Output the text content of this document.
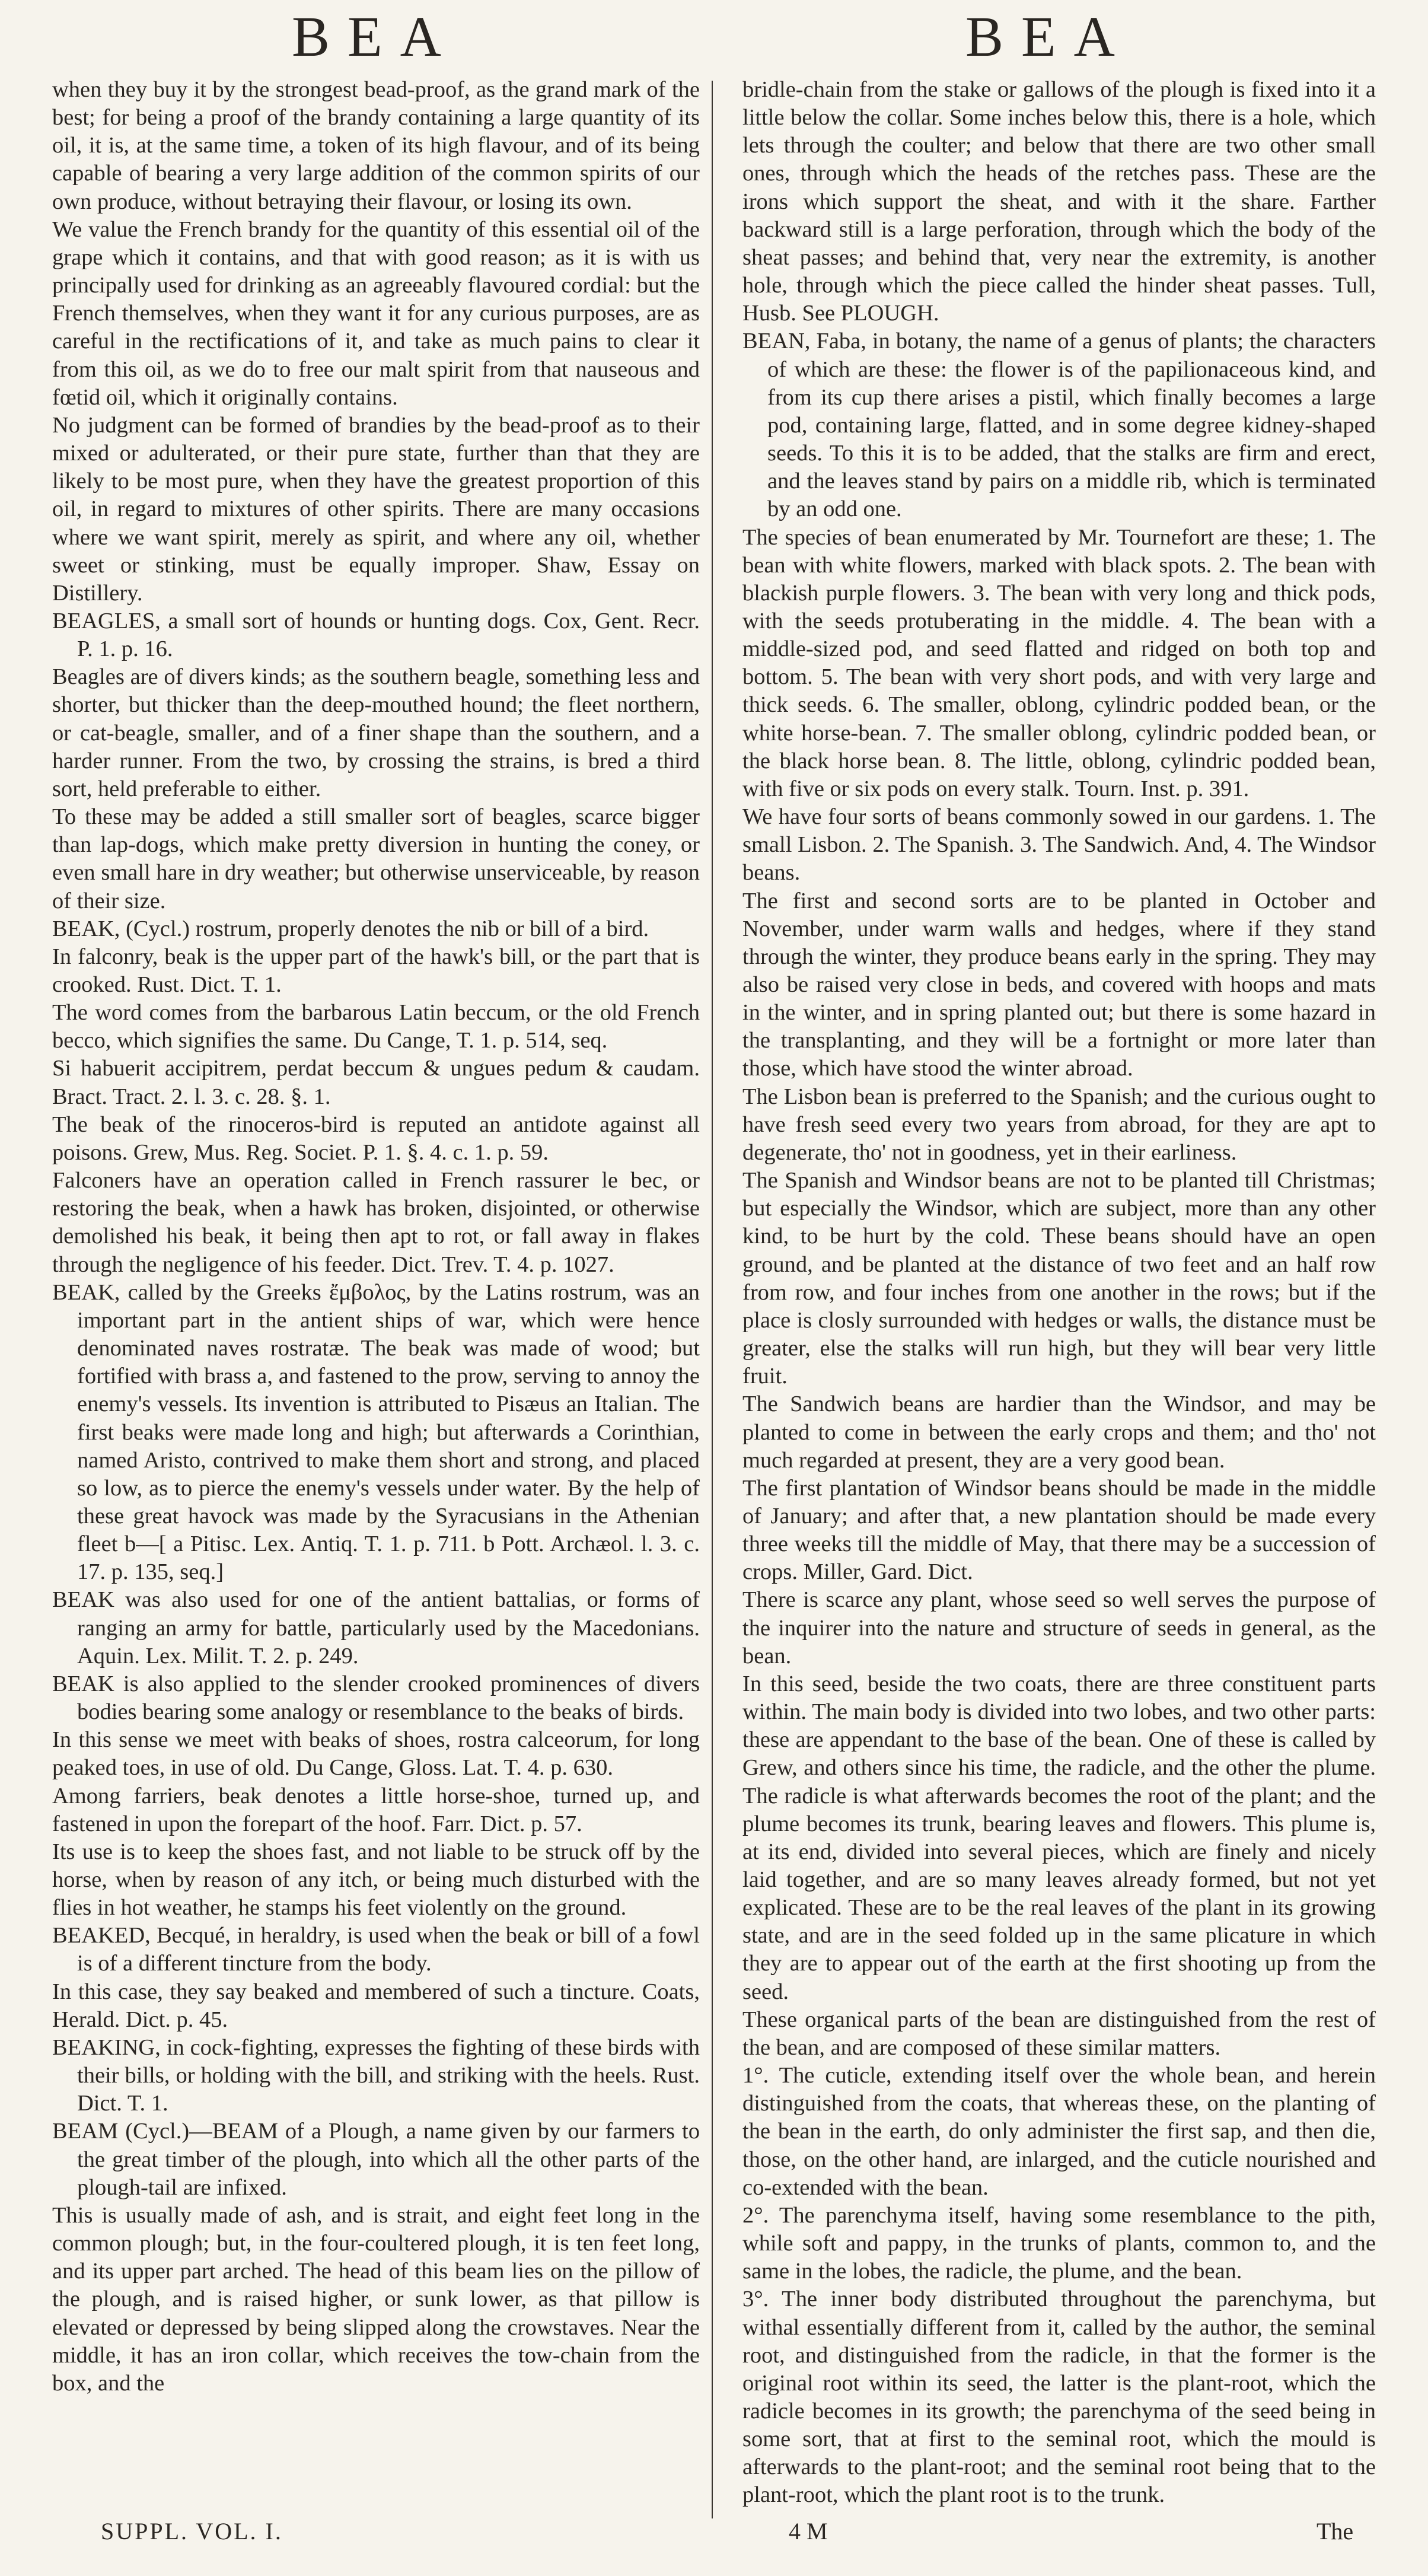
BEA	BEA

when they buy it by the strongest bead-proof, as the grand mark of the best; for being a proof of the brandy containing a large quantity of its oil, it is, at the same time, a token of its high flavour, and of its being capable of bearing a very large addition of the common spirits of our own produce, without betraying their flavour, or losing its own.

We value the French brandy for the quantity of this essential oil of the grape which it contains, and that with good reason; as it is with us principally used for drinking as an agreeably flavoured cordial: but the French themselves, when they want it for any curious purposes, are as careful in the rectifications of it, and take as much pains to clear it from this oil, as we do to free our malt spirit from that nauseous and fœtid oil, which it originally contains.

No judgment can be formed of brandies by the bead-proof as to their mixed or adulterated, or their pure state, further than that they are likely to be most pure, when they have the greatest proportion of this oil, in regard to mixtures of other spirits. There are many occasions where we want spirit, merely as spirit, and where any oil, whether sweet or stinking, must be equally improper. Shaw, Essay on Distillery.

BEAGLES, a small sort of hounds or hunting dogs. Cox, Gent. Recr. P. 1. p. 16.

Beagles are of divers kinds; as the southern beagle, something less and shorter, but thicker than the deep-mouthed hound; the fleet northern, or cat-beagle, smaller, and of a finer shape than the southern, and a harder runner. From the two, by crossing the strains, is bred a third sort, held preferable to either.

To these may be added a still smaller sort of beagles, scarce bigger than lap-dogs, which make pretty diversion in hunting the coney, or even small hare in dry weather; but otherwise unserviceable, by reason of their size.

BEAK, (Cycl.) rostrum, properly denotes the nib or bill of a bird.

In falconry, beak is the upper part of the hawk's bill, or the part that is crooked. Rust. Dict. T. 1.

The word comes from the barbarous Latin beccum, or the old French becco, which signifies the same. Du Cange, T. 1. p. 514, seq.

Si habuerit accipitrem, perdat beccum & ungues pedum & caudam. Bract. Tract. 2. l. 3. c. 28. §. 1.

The beak of the rinoceros-bird is reputed an antidote against all poisons. Grew, Mus. Reg. Societ. P. 1. §. 4. c. 1. p. 59.

Falconers have an operation called in French rassurer le bec, or restoring the beak, when a hawk has broken, disjointed, or otherwise demolished his beak, it being then apt to rot, or fall away in flakes through the negligence of his feeder. Dict. Trev. T. 4. p. 1027.

BEAK, called by the Greeks ἔμβολος, by the Latins rostrum, was an important part in the antient ships of war, which were hence denominated naves rostratæ. The beak was made of wood; but fortified with brass a, and fastened to the prow, serving to annoy the enemy's vessels. Its invention is attributed to Pisæus an Italian. The first beaks were made long and high; but afterwards a Corinthian, named Aristo, contrived to make them short and strong, and placed so low, as to pierce the enemy's vessels under water. By the help of these great havock was made by the Syracusians in the Athenian fleet b—[ a Pitisc. Lex. Antiq. T. 1. p. 711. b Pott. Archæol. l. 3. c. 17. p. 135, seq.]

BEAK was also used for one of the antient battalias, or forms of ranging an army for battle, particularly used by the Macedonians. Aquin. Lex. Milit. T. 2. p. 249.

BEAK is also applied to the slender crooked prominences of divers bodies bearing some analogy or resemblance to the beaks of birds.

In this sense we meet with beaks of shoes, rostra calceorum, for long peaked toes, in use of old. Du Cange, Gloss. Lat. T. 4. p. 630.

Among farriers, beak denotes a little horse-shoe, turned up, and fastened in upon the forepart of the hoof. Farr. Dict. p. 57.

Its use is to keep the shoes fast, and not liable to be struck off by the horse, when by reason of any itch, or being much disturbed with the flies in hot weather, he stamps his feet violently on the ground.

BEAKED, Becqué, in heraldry, is used when the beak or bill of a fowl is of a different tincture from the body.

In this case, they say beaked and membered of such a tincture. Coats, Herald. Dict. p. 45.

BEAKING, in cock-fighting, expresses the fighting of these birds with their bills, or holding with the bill, and striking with the heels. Rust. Dict. T. 1.

BEAM (Cycl.)—BEAM of a Plough, a name given by our farmers to the great timber of the plough, into which all the other parts of the plough-tail are infixed.

This is usually made of ash, and is strait, and eight feet long in the common plough; but, in the four-coultered plough, it is ten feet long, and its upper part arched. The head of this beam lies on the pillow of the plough, and is raised higher, or sunk lower, as that pillow is elevated or depressed by being slipped along the crowstaves. Near the middle, it has an iron collar, which receives the tow-chain from the box, and the

bridle-chain from the stake or gallows of the plough is fixed into it a little below the collar. Some inches below this, there is a hole, which lets through the coulter; and below that there are two other small ones, through which the heads of the retches pass. These are the irons which support the sheat, and with it the share. Farther backward still is a large perforation, through which the body of the sheat passes; and behind that, very near the extremity, is another hole, through which the piece called the hinder sheat passes. Tull, Husb. See PLOUGH.

BEAN, Faba, in botany, the name of a genus of plants; the characters of which are these: the flower is of the papilionaceous kind, and from its cup there arises a pistil, which finally becomes a large pod, containing large, flatted, and in some degree kidney-shaped seeds. To this it is to be added, that the stalks are firm and erect, and the leaves stand by pairs on a middle rib, which is terminated by an odd one.

The species of bean enumerated by Mr. Tournefort are these; 1. The bean with white flowers, marked with black spots. 2. The bean with blackish purple flowers. 3. The bean with very long and thick pods, with the seeds protuberating in the middle. 4. The bean with a middle-sized pod, and seed flatted and ridged on both top and bottom. 5. The bean with very short pods, and with very large and thick seeds. 6. The smaller, oblong, cylindric podded bean, or the white horse-bean. 7. The smaller oblong, cylindric podded bean, or the black horse bean. 8. The little, oblong, cylindric podded bean, with five or six pods on every stalk. Tourn. Inst. p. 391.

We have four sorts of beans commonly sowed in our gardens. 1. The small Lisbon. 2. The Spanish. 3. The Sandwich. And, 4. The Windsor beans.

The first and second sorts are to be planted in October and November, under warm walls and hedges, where if they stand through the winter, they produce beans early in the spring. They may also be raised very close in beds, and covered with hoops and mats in the winter, and in spring planted out; but there is some hazard in the transplanting, and they will be a fortnight or more later than those, which have stood the winter abroad.

The Lisbon bean is preferred to the Spanish; and the curious ought to have fresh seed every two years from abroad, for they are apt to degenerate, tho' not in goodness, yet in their earliness.

The Spanish and Windsor beans are not to be planted till Christmas; but especially the Windsor, which are subject, more than any other kind, to be hurt by the cold. These beans should have an open ground, and be planted at the distance of two feet and an half row from row, and four inches from one another in the rows; but if the place is closly surrounded with hedges or walls, the distance must be greater, else the stalks will run high, but they will bear very little fruit.

The Sandwich beans are hardier than the Windsor, and may be planted to come in between the early crops and them; and tho' not much regarded at present, they are a very good bean.

The first plantation of Windsor beans should be made in the middle of January; and after that, a new plantation should be made every three weeks till the middle of May, that there may be a succession of crops. Miller, Gard. Dict.

There is scarce any plant, whose seed so well serves the purpose of the inquirer into the nature and structure of seeds in general, as the bean.

In this seed, beside the two coats, there are three constituent parts within. The main body is divided into two lobes, and two other parts: these are appendant to the base of the bean. One of these is called by Grew, and others since his time, the radicle, and the other the plume. The radicle is what afterwards becomes the root of the plant; and the plume becomes its trunk, bearing leaves and flowers. This plume is, at its end, divided into several pieces, which are finely and nicely laid together, and are so many leaves already formed, but not yet explicated. These are to be the real leaves of the plant in its growing state, and are in the seed folded up in the same plicature in which they are to appear out of the earth at the first shooting up from the seed.

These organical parts of the bean are distinguished from the rest of the bean, and are composed of these similar matters.

1°. The cuticle, extending itself over the whole bean, and herein distinguished from the coats, that whereas these, on the planting of the bean in the earth, do only administer the first sap, and then die, those, on the other hand, are inlarged, and the cuticle nourished and co-extended with the bean.

2°. The parenchyma itself, having some resemblance to the pith, while soft and pappy, in the trunks of plants, common to, and the same in the lobes, the radicle, the plume, and the bean.

3°. The inner body distributed throughout the parenchyma, but withal essentially different from it, called by the author, the seminal root, and distinguished from the radicle, in that the former is the original root within its seed, the latter is the plant-root, which the radicle becomes in its growth; the parenchyma of the seed being in some sort, that at first to the seminal root, which the mould is afterwards to the plant-root; and the seminal root being that to the plant-root, which the plant root is to the trunk.

SUPPL. VOL. I.	4 M	The
